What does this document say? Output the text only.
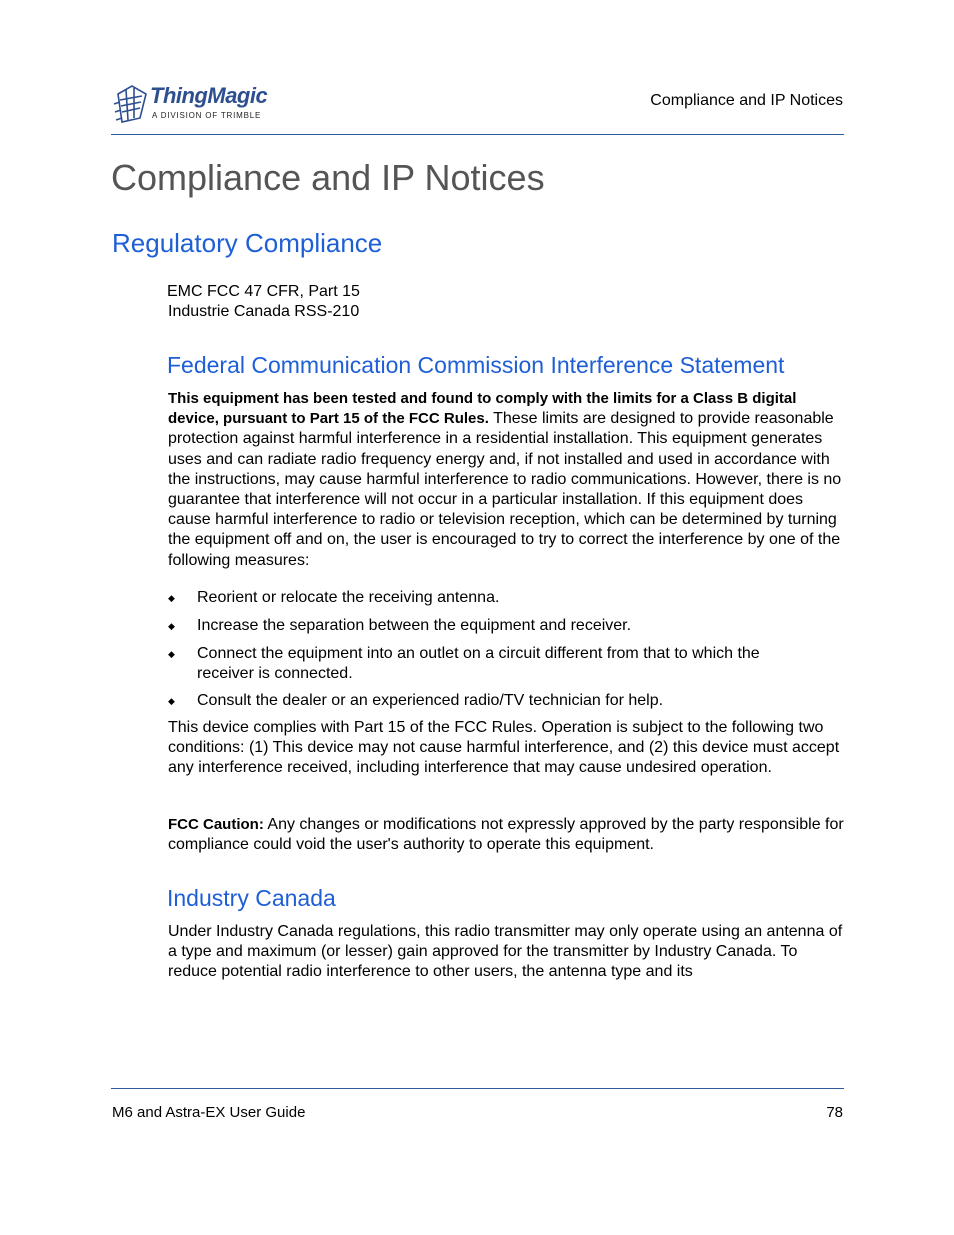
ThingMagic
A DIVISION OF TRIMBLE
Compliance and IP Notices
Compliance and IP Notices
Regulatory Compliance
EMC FCC 47 CFR, Part 15
Industrie Canada RSS-210
Federal Communication Commission Interference Statement

This equipment has been tested and found to comply with the limits for a Class B digital device, pursuant to Part 15 of the FCC Rules. These limits are designed to provide reasonable protection against harmful interference in a residential installation. This equipment generates uses and can radiate radio frequency energy and, if not installed and used in accordance with the instructions, may cause harmful interference to radio communications. However, there is no guarantee that interference will not occur in a particular installation. If this equipment does cause harmful interference to radio or television reception, which can be determined by turning the equipment off and on, the user is encouraged to try to correct the interference by one of the following measures:

◆ Reorient or relocate the receiving antenna.
◆ Increase the separation between the equipment and receiver.
◆ Connect the equipment into an outlet on a circuit different from that to which the receiver is connected.
◆ Consult the dealer or an experienced radio/TV technician for help.

This device complies with Part 15 of the FCC Rules. Operation is subject to the following two conditions: (1) This device may not cause harmful interference, and (2) this device must accept any interference received, including interference that may cause undesired operation.

FCC Caution: Any changes or modifications not expressly approved by the party responsible for compliance could void the user's authority to operate this equipment.

Industry Canada

Under Industry Canada regulations, this radio transmitter may only operate using an antenna of a type and maximum (or lesser) gain approved for the transmitter by Industry Canada. To reduce potential radio interference to other users, the antenna type and its

M6 and Astra-EX User Guide	78
